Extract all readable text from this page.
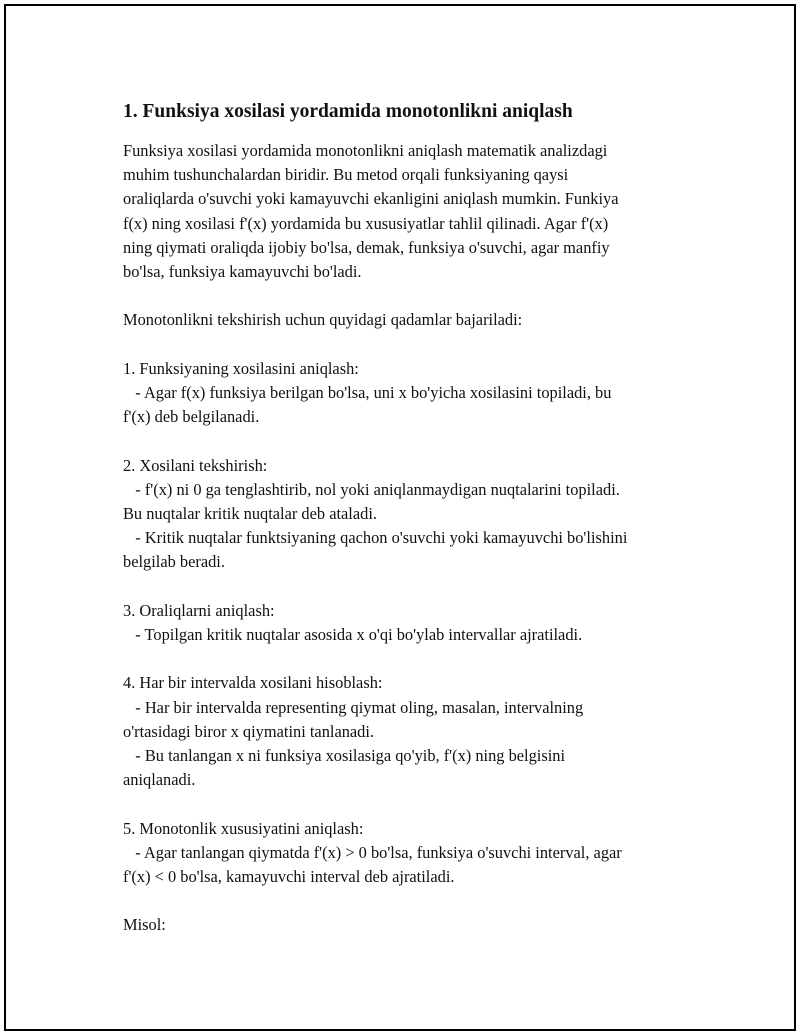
1. Funksiya xosilasi yordamida monotonlikni aniqlash
Funksiya xosilasi yordamida monotonlikni aniqlash matematik analizdagi
muhim tushunchalardan biridir. Bu metod orqali funksiyaning qaysi
oraliqlarda o'suvchi yoki kamayuvchi ekanligini aniqlash mumkin. Funkiya
f(x) ning xosilasi f'(x) yordamida bu xususiyatlar tahlil qilinadi. Agar f'(x)
ning qiymati oraliqda ijobiy bo'lsa, demak, funksiya o'suvchi, agar manfiy
bo'lsa, funksiya kamayuvchi bo'ladi.
Monotonlikni tekshirish uchun quyidagi qadamlar bajariladi:
1. Funksiyaning xosilasini aniqlash:
- Agar f(x) funksiya berilgan bo'lsa, uni x bo'yicha xosilasini topiladi, bu
f'(x) deb belgilanadi.
2. Xosilani tekshirish:
- f'(x) ni 0 ga tenglashtirib, nol yoki aniqlanmaydigan nuqtalarini topiladi.
Bu nuqtalar kritik nuqtalar deb ataladi.
- Kritik nuqtalar funktsiyaning qachon o'suvchi yoki kamayuvchi bo'lishini
belgilab beradi.
3. Oraliqlarni aniqlash:
- Topilgan kritik nuqtalar asosida x o'qi bo'ylab intervallar ajratiladi.
4. Har bir intervalda xosilani hisoblash:
- Har bir intervalda representing qiymat oling, masalan, intervalning
o'rtasidagi biror x qiymatini tanlanadi.
- Bu tanlangan x ni funksiya xosilasiga qo'yib, f'(x) ning belgisini
aniqlanadi.
5. Monotonlik xususiyatini aniqlash:
- Agar tanlangan qiymatda f'(x) > 0 bo'lsa, funksiya o'suvchi interval, agar
f'(x) < 0 bo'lsa, kamayuvchi interval deb ajratiladi.
Misol:
